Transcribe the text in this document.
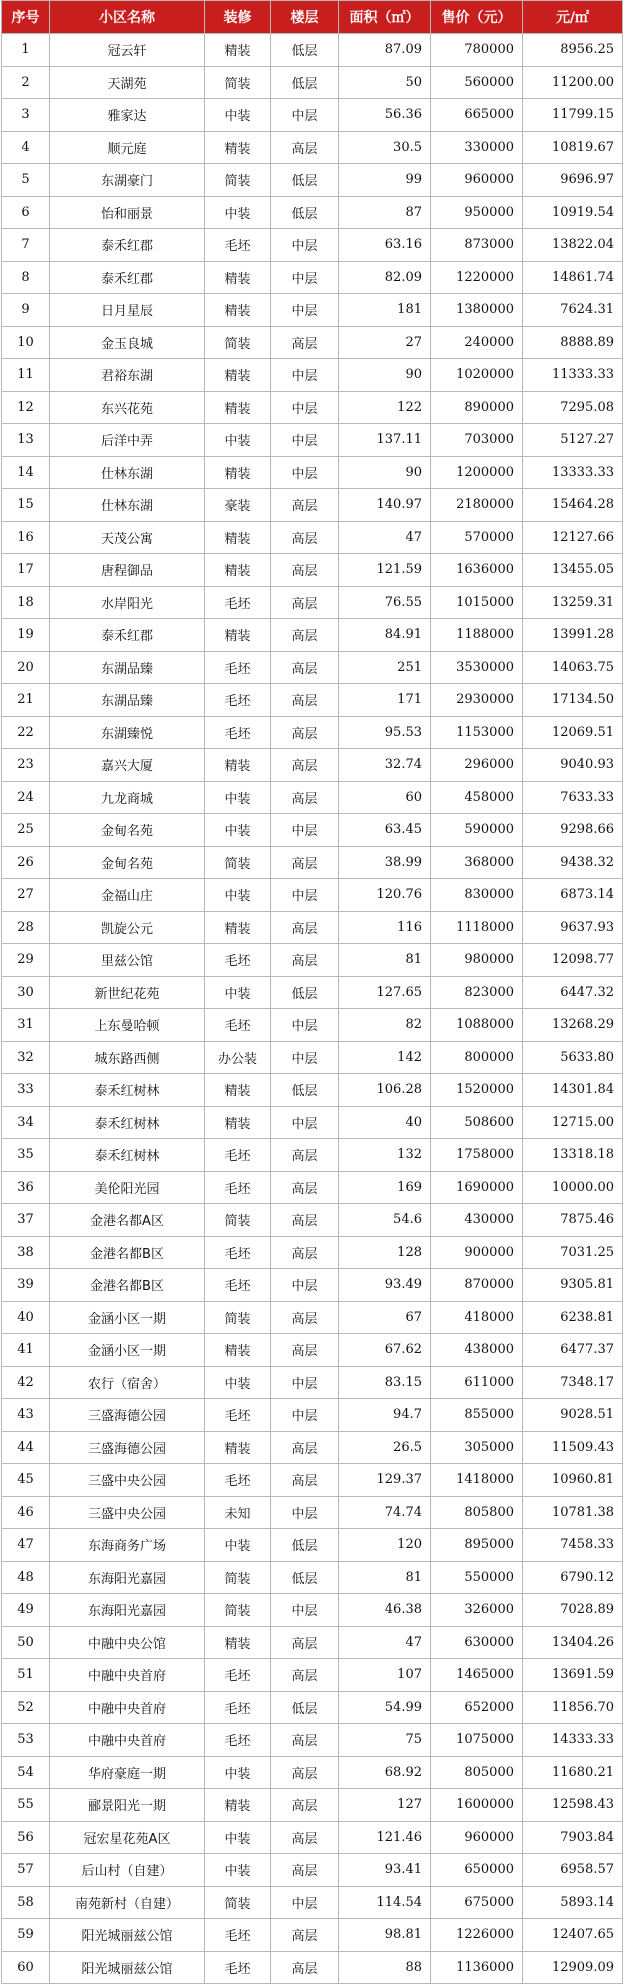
序号	小区名称	装修	楼层	面积（㎡）	售价（元）	元/㎡
1	冠云轩	精装	低层	87.09	780000	8956.25
2	天湖苑	简装	低层	50	560000	11200.00
3	雅家达	中装	中层	56.36	665000	11799.15
4	顺元庭	精装	高层	30.5	330000	10819.67
5	东湖豪门	简装	低层	99	960000	9696.97
6	怡和丽景	中装	低层	87	950000	10919.54
7	泰禾红郡	毛坯	中层	63.16	873000	13822.04
8	泰禾红郡	精装	中层	82.09	1220000	14861.74
9	日月星辰	精装	中层	181	1380000	7624.31
10	金玉良城	简装	高层	27	240000	8888.89
11	君裕东湖	精装	中层	90	1020000	11333.33
12	东兴花苑	精装	中层	122	890000	7295.08
13	后洋中弄	中装	中层	137.11	703000	5127.27
14	仕林东湖	精装	中层	90	1200000	13333.33
15	仕林东湖	豪装	高层	140.97	2180000	15464.28
16	天茂公寓	精装	高层	47	570000	12127.66
17	唐程御品	精装	高层	121.59	1636000	13455.05
18	水岸阳光	毛坯	高层	76.55	1015000	13259.31
19	泰禾红郡	精装	高层	84.91	1188000	13991.28
20	东湖品臻	毛坯	高层	251	3530000	14063.75
21	东湖品臻	毛坯	高层	171	2930000	17134.50
22	东湖臻悦	毛坯	高层	95.53	1153000	12069.51
23	嘉兴大厦	精装	高层	32.74	296000	9040.93
24	九龙商城	中装	高层	60	458000	7633.33
25	金甸名苑	中装	中层	63.45	590000	9298.66
26	金甸名苑	简装	高层	38.99	368000	9438.32
27	金福山庄	中装	中层	120.76	830000	6873.14
28	凯旋公元	精装	高层	116	1118000	9637.93
29	里兹公馆	毛坯	高层	81	980000	12098.77
30	新世纪花苑	中装	低层	127.65	823000	6447.32
31	上东曼哈顿	毛坯	中层	82	1088000	13268.29
32	城东路西侧	办公装	中层	142	800000	5633.80
33	泰禾红树林	精装	低层	106.28	1520000	14301.84
34	泰禾红树林	精装	中层	40	508600	12715.00
35	泰禾红树林	毛坯	高层	132	1758000	13318.18
36	美伦阳光园	毛坯	高层	169	1690000	10000.00
37	金港名都A区	简装	高层	54.6	430000	7875.46
38	金港名都B区	毛坯	高层	128	900000	7031.25
39	金港名都B区	毛坯	中层	93.49	870000	9305.81
40	金涵小区一期	简装	高层	67	418000	6238.81
41	金涵小区一期	精装	高层	67.62	438000	6477.37
42	农行（宿舍）	中装	中层	83.15	611000	7348.17
43	三盛海德公园	毛坯	中层	94.7	855000	9028.51
44	三盛海德公园	精装	高层	26.5	305000	11509.43
45	三盛中央公园	毛坯	高层	129.37	1418000	10960.81
46	三盛中央公园	未知	中层	74.74	805800	10781.38
47	东海商务广场	中装	低层	120	895000	7458.33
48	东海阳光嘉园	简装	低层	81	550000	6790.12
49	东海阳光嘉园	简装	中层	46.38	326000	7028.89
50	中融中央公馆	精装	高层	47	630000	13404.26
51	中融中央首府	毛坯	高层	107	1465000	13691.59
52	中融中央首府	毛坯	低层	54.99	652000	11856.70
53	中融中央首府	毛坯	高层	75	1075000	14333.33
54	华府豪庭一期	中装	高层	68.92	805000	11680.21
55	郦景阳光一期	精装	高层	127	1600000	12598.43
56	冠宏星花苑A区	中装	高层	121.46	960000	7903.84
57	后山村（自建）	中装	高层	93.41	650000	6958.57
58	南苑新村（自建）	简装	中层	114.54	675000	5893.14
59	阳光城丽兹公馆	毛坯	高层	98.81	1226000	12407.65
60	阳光城丽兹公馆	毛坯	高层	88	1136000	12909.09
